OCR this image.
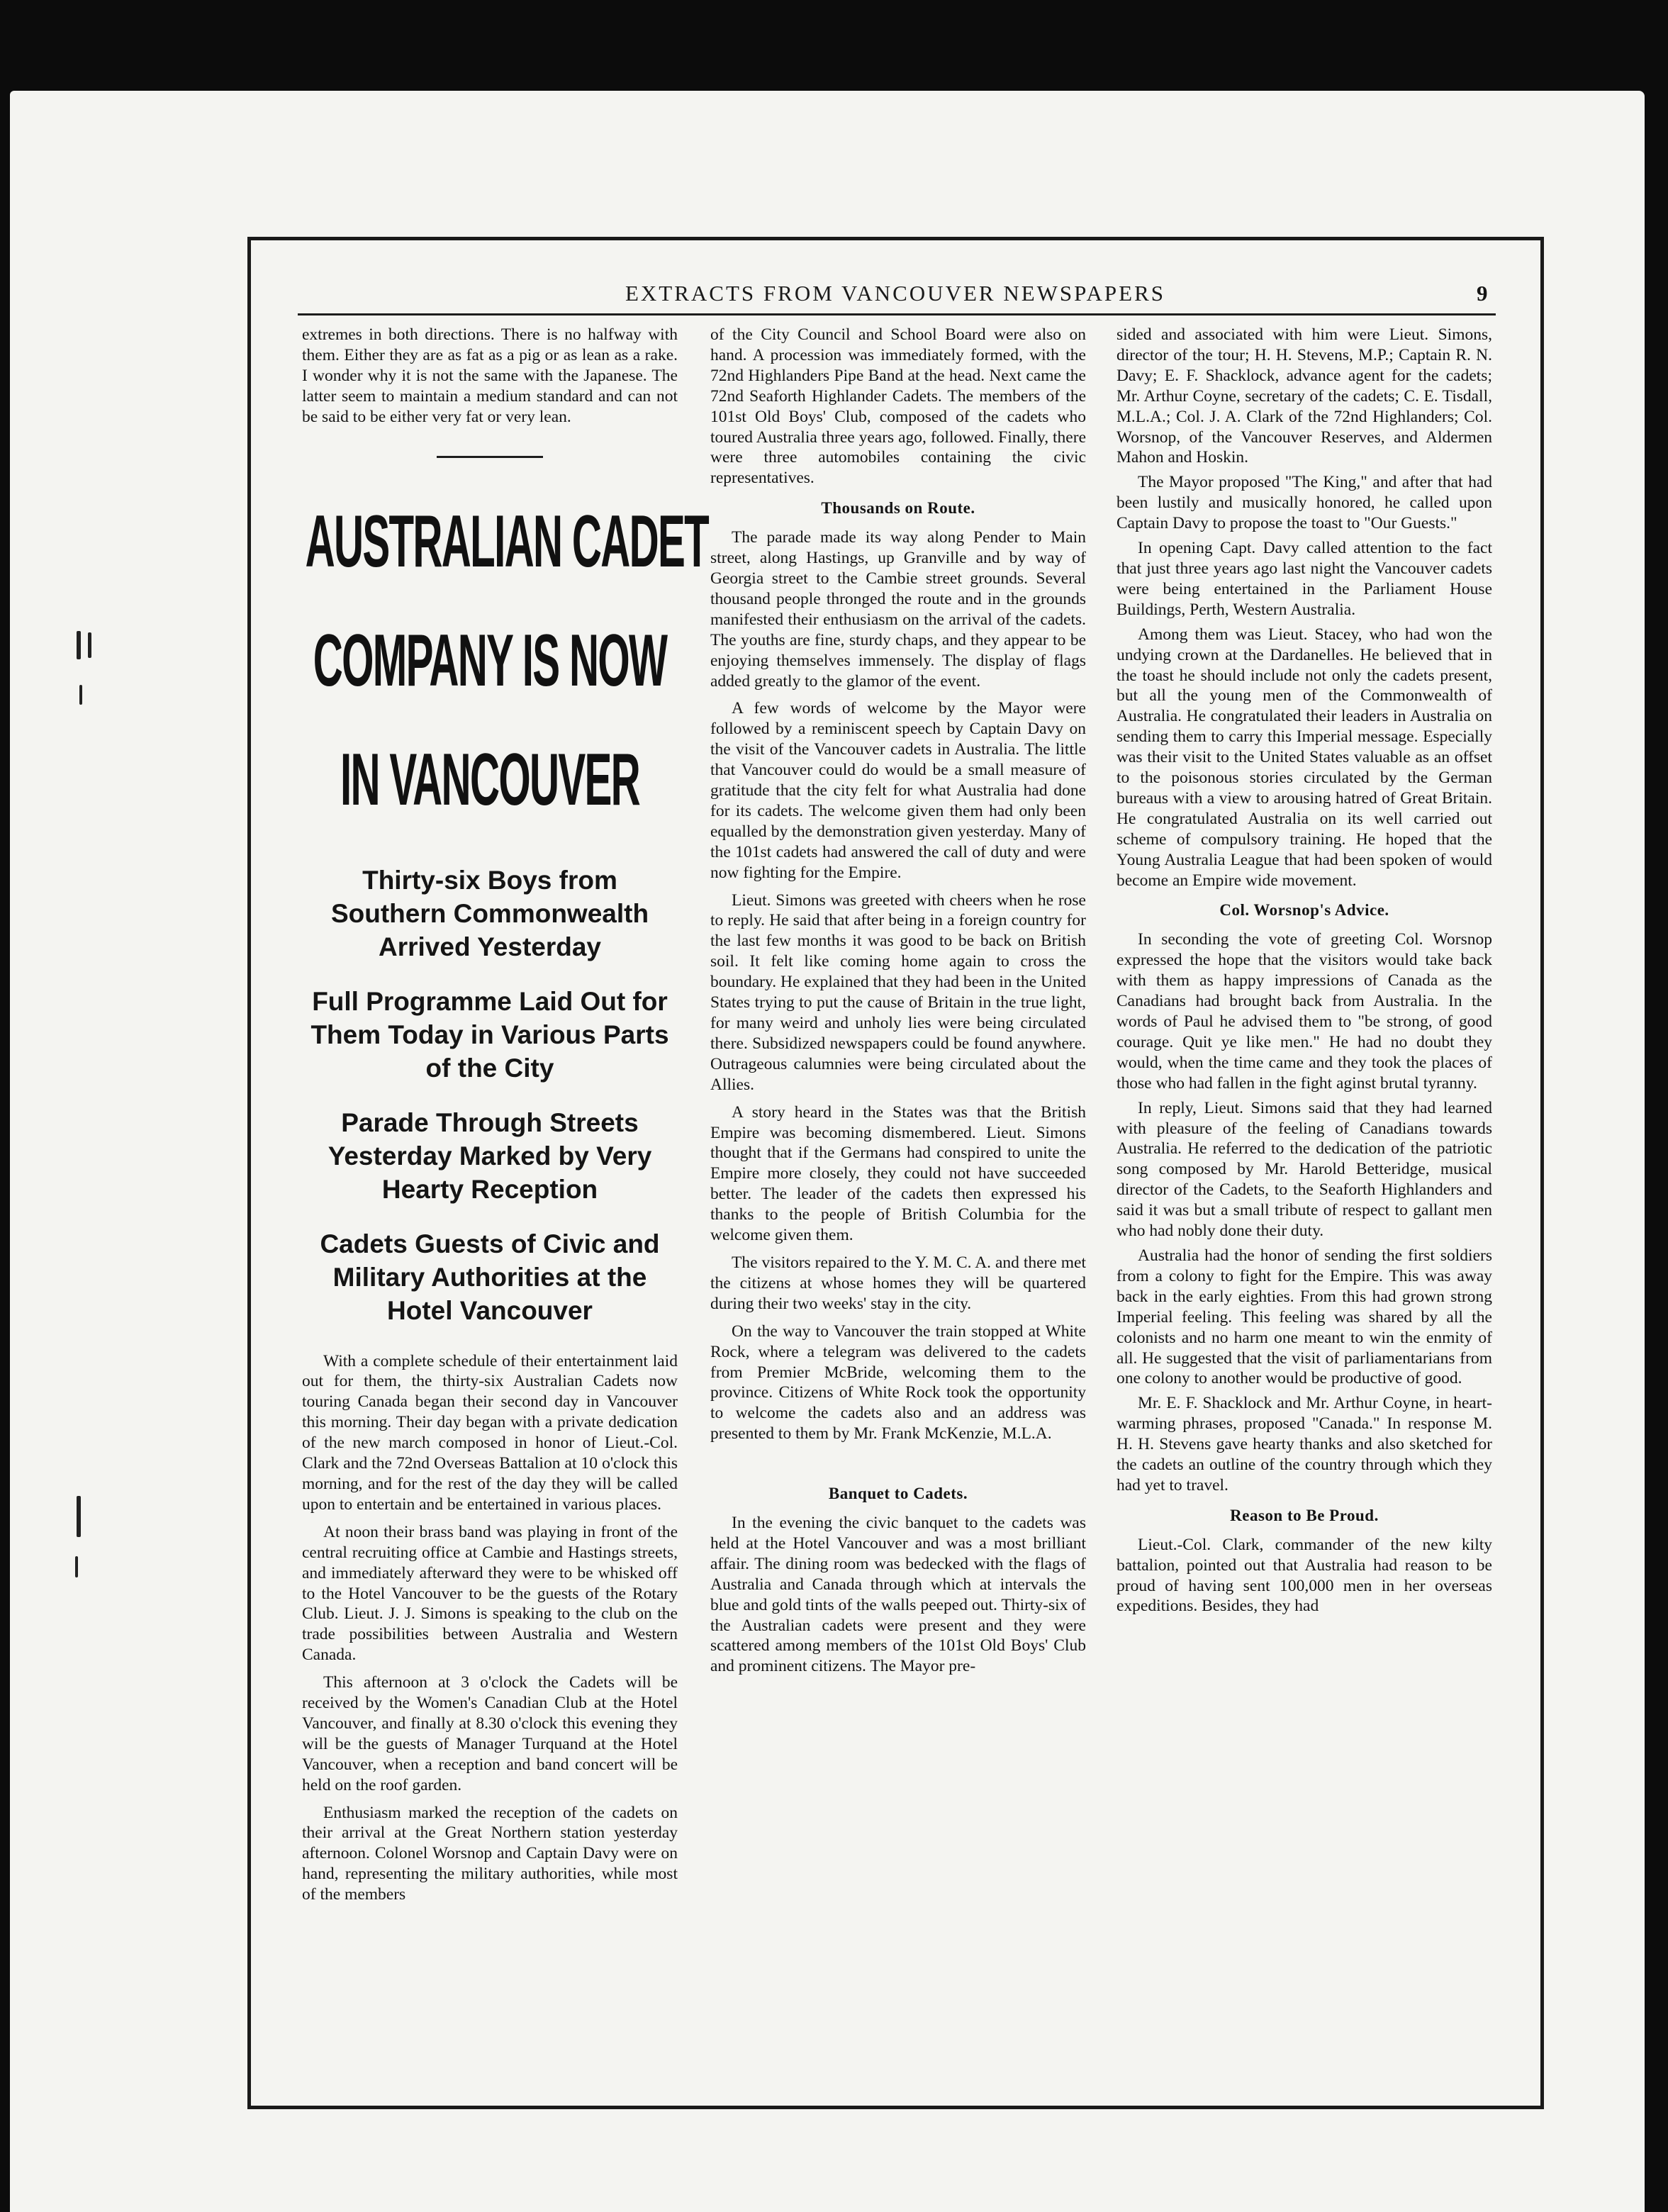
EXTRACTS FROM VANCOUVER NEWSPAPERS	9

extremes in both directions. There is no halfway with them. Either they are as fat as a pig or as lean as a rake. I wonder why it is not the same with the Japanese. The latter seem to maintain a medium standard and can not be said to be either very fat or very lean.

AUSTRALIAN CADET
COMPANY IS NOW
IN VANCOUVER
Thirty-six Boys from Southern Commonwealth Arrived Yesterday
Full Programme Laid Out for Them Today in Various Parts of the City
Parade Through Streets Yesterday Marked by Very Hearty Reception
Cadets Guests of Civic and Military Authorities at the Hotel Vancouver

With a complete schedule of their entertainment laid out for them, the thirty-six Australian Cadets now touring Canada began their second day in Vancouver this morning. Their day began with a private dedication of the new march composed in honor of Lieut.-Col. Clark and the 72nd Overseas Battalion at 10 o'clock this morning, and for the rest of the day they will be called upon to entertain and be entertained in various places.

At noon their brass band was playing in front of the central recruiting office at Cambie and Hastings streets, and immediately afterward they were to be whisked off to the Hotel Vancouver to be the guests of the Rotary Club. Lieut. J. J. Simons is speaking to the club on the trade possibilities between Australia and Western Canada.

This afternoon at 3 o'clock the Cadets will be received by the Women's Canadian Club at the Hotel Vancouver, and finally at 8.30 o'clock this evening they will be the guests of Manager Turquand at the Hotel Vancouver, when a reception and band concert will be held on the roof garden.

Enthusiasm marked the reception of the cadets on their arrival at the Great Northern station yesterday afternoon. Colonel Worsnop and Captain Davy were on hand, representing the military authorities, while most of the members

of the City Council and School Board were also on hand. A procession was immediately formed, with the 72nd Highlanders Pipe Band at the head. Next came the 72nd Seaforth Highlander Cadets. The members of the 101st Old Boys' Club, composed of the cadets who toured Australia three years ago, followed. Finally, there were three automobiles containing the civic representatives.

Thousands on Route.

The parade made its way along Pender to Main street, along Hastings, up Granville and by way of Georgia street to the Cambie street grounds. Several thousand people thronged the route and in the grounds manifested their enthusiasm on the arrival of the cadets. The youths are fine, sturdy chaps, and they appear to be enjoying themselves immensely. The display of flags added greatly to the glamor of the event.

A few words of welcome by the Mayor were followed by a reminiscent speech by Captain Davy on the visit of the Vancouver cadets in Australia. The little that Vancouver could do would be a small measure of gratitude that the city felt for what Australia had done for its cadets. The welcome given them had only been equalled by the demonstration given yesterday. Many of the 101st cadets had answered the call of duty and were now fighting for the Empire.

Lieut. Simons was greeted with cheers when he rose to reply. He said that after being in a foreign country for the last few months it was good to be back on British soil. It felt like coming home again to cross the boundary. He explained that they had been in the United States trying to put the cause of Britain in the true light, for many weird and unholy lies were being circulated there. Subsidized newspapers could be found anywhere. Outrageous calumnies were being circulated about the Allies.

A story heard in the States was that the British Empire was becoming dismembered. Lieut. Simons thought that if the Germans had conspired to unite the Empire more closely, they could not have succeeded better. The leader of the cadets then expressed his thanks to the people of British Columbia for the welcome given them.

The visitors repaired to the Y. M. C. A. and there met the citizens at whose homes they will be quartered during their two weeks' stay in the city.

On the way to Vancouver the train stopped at White Rock, where a telegram was delivered to the cadets from Premier McBride, welcoming them to the province. Citizens of White Rock took the opportunity to welcome the cadets also and an address was presented to them by Mr. Frank McKenzie, M.L.A.

Banquet to Cadets.

In the evening the civic banquet to the cadets was held at the Hotel Vancouver and was a most brilliant affair. The dining room was bedecked with the flags of Australia and Canada through which at intervals the blue and gold tints of the walls peeped out. Thirty-six of the Australian cadets were present and they were scattered among members of the 101st Old Boys' Club and prominent citizens. The Mayor pre-

sided and associated with him were Lieut. Simons, director of the tour; H. H. Stevens, M.P.; Captain R. N. Davy; E. F. Shacklock, advance agent for the cadets; Mr. Arthur Coyne, secretary of the cadets; C. E. Tisdall, M.L.A.; Col. J. A. Clark of the 72nd Highlanders; Col. Worsnop, of the Vancouver Reserves, and Aldermen Mahon and Hoskin.

The Mayor proposed "The King," and after that had been lustily and musically honored, he called upon Captain Davy to propose the toast to "Our Guests."

In opening Capt. Davy called attention to the fact that just three years ago last night the Vancouver cadets were being entertained in the Parliament House Buildings, Perth, Western Australia.

Among them was Lieut. Stacey, who had won the undying crown at the Dardanelles. He believed that in the toast he should include not only the cadets present, but all the young men of the Commonwealth of Australia. He congratulated their leaders in Australia on sending them to carry this Imperial message. Especially was their visit to the United States valuable as an offset to the poisonous stories circulated by the German bureaus with a view to arousing hatred of Great Britain. He congratulated Australia on its well carried out scheme of compulsory training. He hoped that the Young Australia League that had been spoken of would become an Empire wide movement.

Col. Worsnop's Advice.

In seconding the vote of greeting Col. Worsnop expressed the hope that the visitors would take back with them as happy impressions of Canada as the Canadians had brought back from Australia. In the words of Paul he advised them to "be strong, of good courage. Quit ye like men." He had no doubt they would, when the time came and they took the places of those who had fallen in the fight aginst brutal tyranny.

In reply, Lieut. Simons said that they had learned with pleasure of the feeling of Canadians towards Australia. He referred to the dedication of the patriotic song composed by Mr. Harold Betteridge, musical director of the Cadets, to the Seaforth Highlanders and said it was but a small tribute of respect to gallant men who had nobly done their duty.

Australia had the honor of sending the first soldiers from a colony to fight for the Empire. This was away back in the early eighties. From this had grown strong Imperial feeling. This feeling was shared by all the colonists and no harm one meant to win the enmity of all. He suggested that the visit of parliamentarians from one colony to another would be productive of good.

Mr. E. F. Shacklock and Mr. Arthur Coyne, in heart-warming phrases, proposed "Canada." In response M. H. H. Stevens gave hearty thanks and also sketched for the cadets an outline of the country through which they had yet to travel.

Reason to Be Proud.

Lieut.-Col. Clark, commander of the new kilty battalion, pointed out that Australia had reason to be proud of having sent 100,000 men in her overseas expeditions. Besides, they had
